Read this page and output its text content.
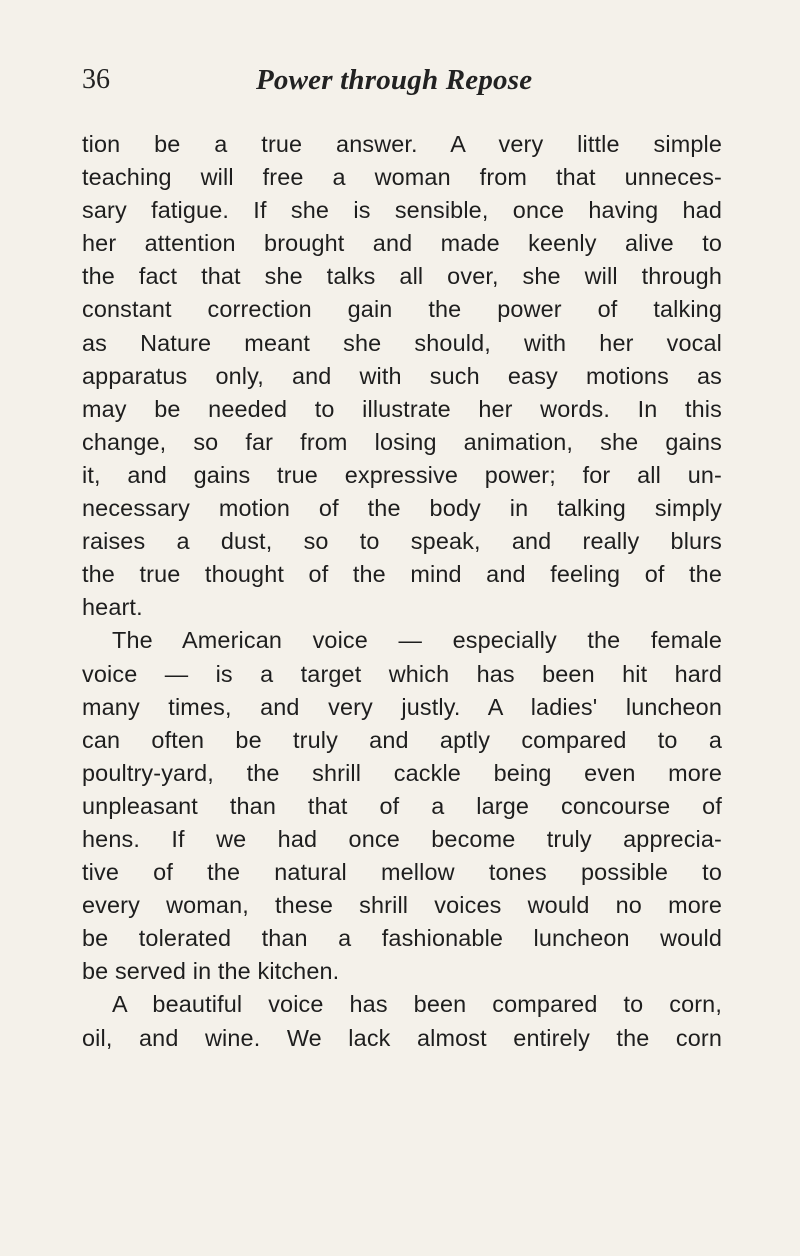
36	Power through Repose
tion be a true answer. A very little simple
teaching will free a woman from that unneces-
sary fatigue. If she is sensible, once having had
her attention brought and made keenly alive to
the fact that she talks all over, she will through
constant correction gain the power of talking
as Nature meant she should, with her vocal
apparatus only, and with such easy motions as
may be needed to illustrate her words. In this
change, so far from losing animation, she gains
it, and gains true expressive power; for all un-
necessary motion of the body in talking simply
raises a dust, so to speak, and really blurs
the true thought of the mind and feeling of the
heart.
The American voice — especially the female
voice — is a target which has been hit hard
many times, and very justly. A ladies' luncheon
can often be truly and aptly compared to a
poultry-yard, the shrill cackle being even more
unpleasant than that of a large concourse of
hens. If we had once become truly apprecia-
tive of the natural mellow tones possible to
every woman, these shrill voices would no more
be tolerated than a fashionable luncheon would
be served in the kitchen.
A beautiful voice has been compared to corn,
oil, and wine. We lack almost entirely the corn
